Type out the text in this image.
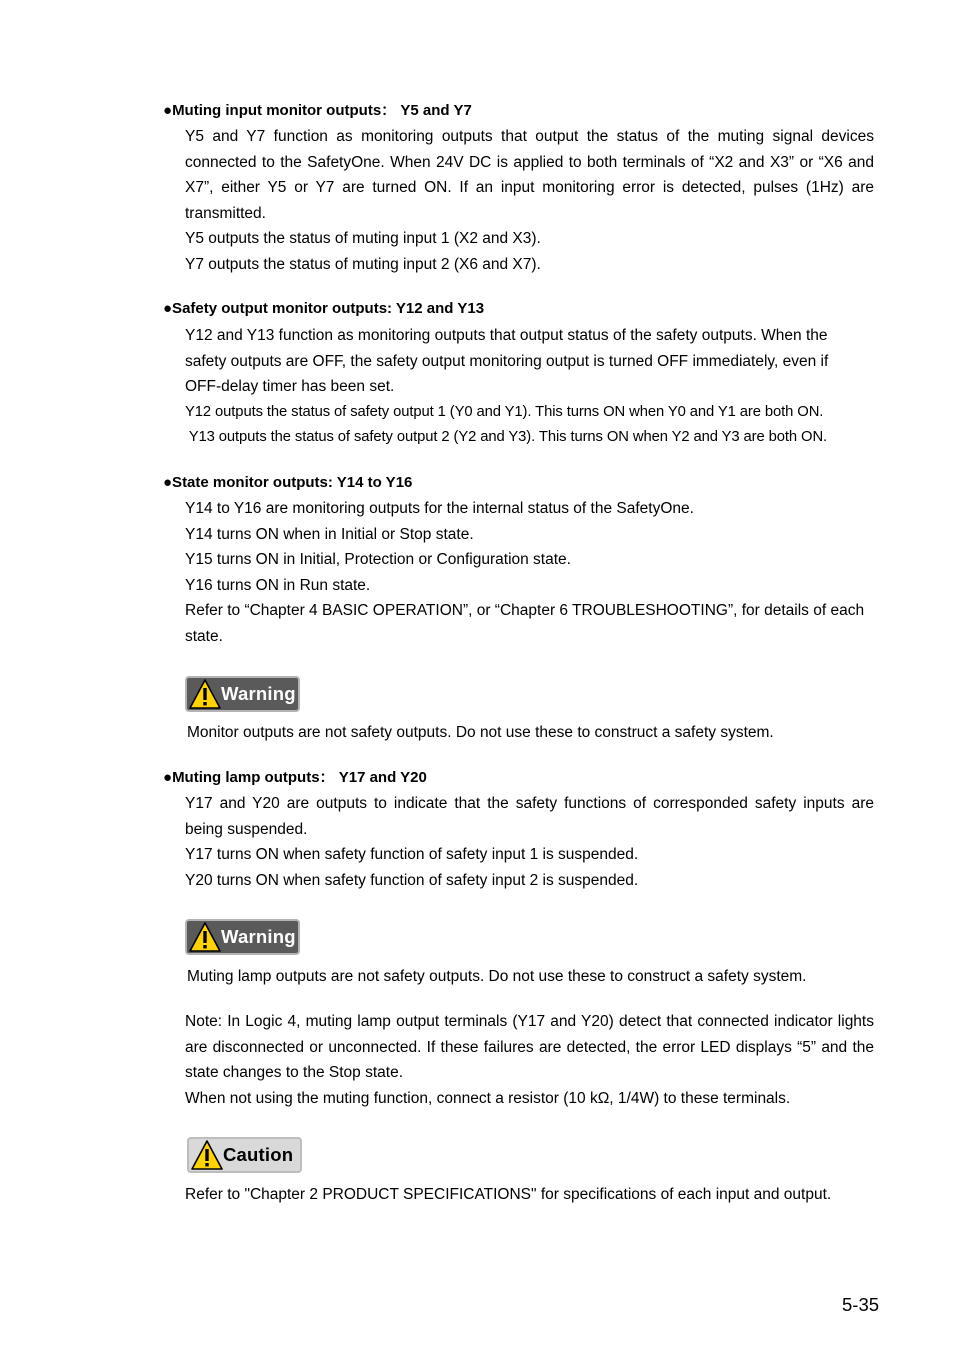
●Muting input monitor outputs： Y5 and Y7

Y5 and Y7 function as monitoring outputs that output the status of the muting signal devices connected to the SafetyOne. When 24V DC is applied to both terminals of “X2 and X3” or “X6 and X7”, either Y5 or Y7 are turned ON. If an input monitoring error is detected, pulses (1Hz) are transmitted.

Y5 outputs the status of muting input 1 (X2 and X3).

Y7 outputs the status of muting input 2 (X6 and X7).

●Safety output monitor outputs: Y12 and Y13

Y12 and Y13 function as monitoring outputs that output status of the safety outputs. When the safety outputs are OFF, the safety output monitoring output is turned OFF immediately, even if OFF-delay timer has been set.

Y12 outputs the status of safety output 1 (Y0 and Y1). This turns ON when Y0 and Y1 are both ON.

Y13 outputs the status of safety output 2 (Y2 and Y3). This turns ON when Y2 and Y3 are both ON.

●State monitor outputs: Y14 to Y16

Y14 to Y16 are monitoring outputs for the internal status of the SafetyOne.

Y14 turns ON when in Initial or Stop state.

Y15 turns ON in Initial, Protection or Configuration state.

Y16 turns ON in Run state.

Refer to “Chapter 4 BASIC OPERATION”, or “Chapter 6 TROUBLESHOOTING”, for details of each state.

Warning
Monitor outputs are not safety outputs. Do not use these to construct a safety system.
●Muting lamp outputs： Y17 and Y20

Y17 and Y20 are outputs to indicate that the safety functions of corresponded safety inputs are being suspended.

Y17 turns ON when safety function of safety input 1 is suspended.

Y20 turns ON when safety function of safety input 2 is suspended.

Warning
Muting lamp outputs are not safety outputs. Do not use these to construct a safety system.

Note: In Logic 4, muting lamp output terminals (Y17 and Y20) detect that connected indicator lights are disconnected or unconnected. If these failures are detected, the error LED displays “5” and the state changes to the Stop state.

When not using the muting function, connect a resistor (10 kΩ, 1/4W) to these terminals.

Caution
Refer to "Chapter 2 PRODUCT SPECIFICATIONS" for specifications of each input and output.
5-35
